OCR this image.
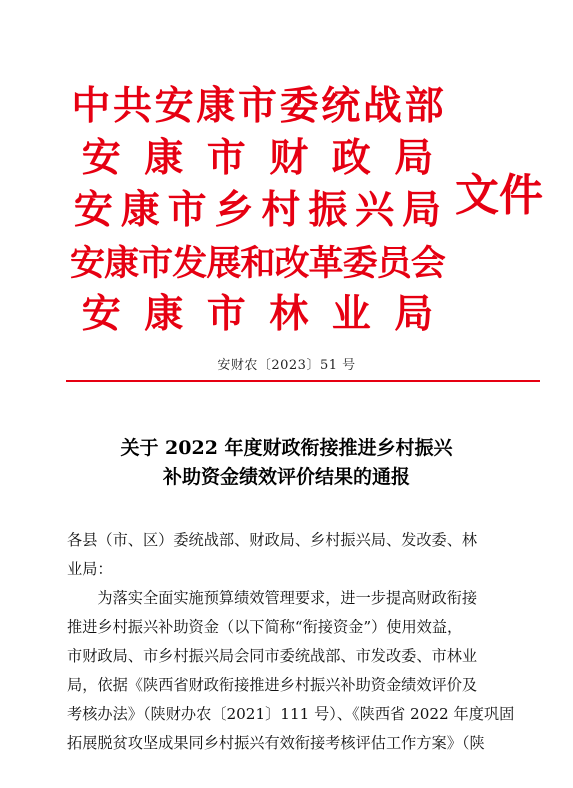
中共安康市委统战部
安 康 市 财 政 局
安 康 市 乡 村 振 兴 局
安康市发展和改革委员会
安 康 市 林 业 局
文件
安财农〔2023〕51 号
关于 2022 年度财政衔接推进乡村振兴
补助资金绩效评价结果的通报

各县（市、区）委统战部、财政局、乡村振兴局、发改委、林

业局：

　　为落实全面实施预算绩效管理要求，进一步提高财政衔接

推进乡村振兴补助资金（以下简称“衔接资金”）使用效益，

市财政局、市乡村振兴局会同市委统战部、市发改委、市林业

局，依据《陕西省财政衔接推进乡村振兴补助资金绩效评价及

考核办法》（陕财办农〔2021〕111 号）、《陕西省 2022 年度巩固

拓展脱贫攻坚成果同乡村振兴有效衔接考核评估工作方案》（陕
